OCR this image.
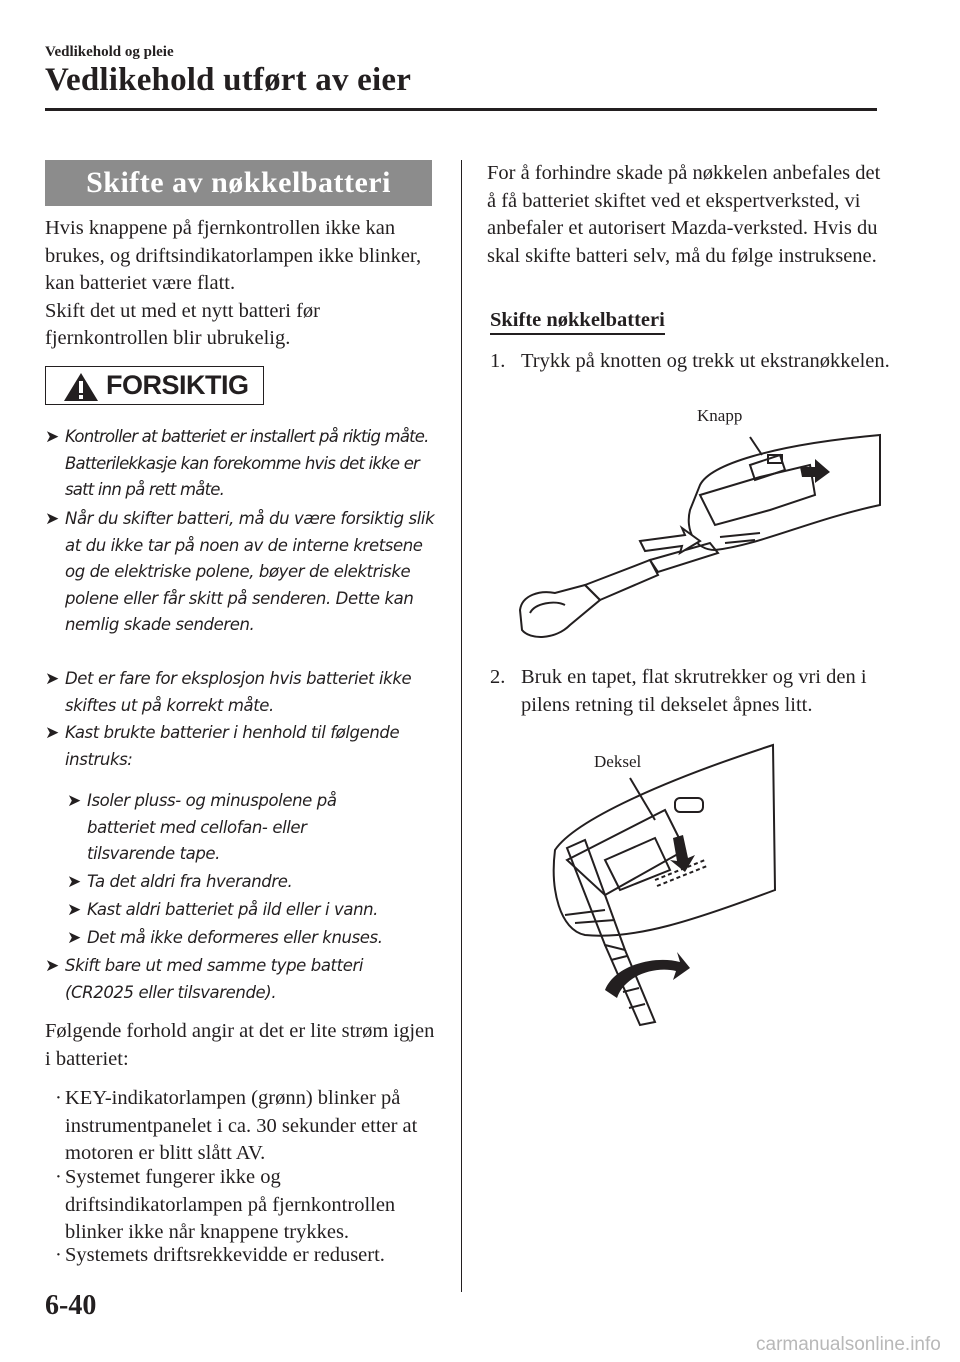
Vedlikehold og pleie
Vedlikehold utført av eier
Skifte av nøkkelbatteri
Hvis knappene på fjernkontrollen ikke kan brukes, og driftsindikatorlampen ikke blinker, kan batteriet være flatt.
Skift det ut med et nytt batteri før fjernkontrollen blir ubrukelig.
FORSIKTIG
➤ Kontroller at batteriet er installert på riktig måte. Batterilekkasje kan forekomme hvis det ikke er satt inn på rett måte.
➤ Når du skifter batteri, må du være forsiktig slik at du ikke tar på noen av de interne kretsene og de elektriske polene, bøyer de elektriske polene eller får skitt på senderen. Dette kan nemlig skade senderen.
➤ Det er fare for eksplosjon hvis batteriet ikke skiftes ut på korrekt måte.
➤ Kast brukte batterier i henhold til følgende instruks:
➤ Isoler pluss- og minuspolene på batteriet med cellofan- eller tilsvarende tape.
➤ Ta det aldri fra hverandre.
➤ Kast aldri batteriet på ild eller i vann.
➤ Det må ikke deformeres eller knuses.
➤ Skift bare ut med samme type batteri (CR2025 eller tilsvarende).
Følgende forhold angir at det er lite strøm igjen i batteriet:
· KEY-indikatorlampen (grønn) blinker på instrumentpanelet i ca. 30 sekunder etter at motoren er blitt slått AV.
· Systemet fungerer ikke og driftsindikatorlampen på fjernkontrollen blinker ikke når knappene trykkes.
· Systemets driftsrekkevidde er redusert.
For å forhindre skade på nøkkelen anbefales det å få batteriet skiftet ved et ekspertverksted, vi anbefaler et autorisert Mazda-verksted. Hvis du skal skifte batteri selv, må du følge instruksene.
Skifte nøkkelbatteri
1. Trykk på knotten og trekk ut ekstranøkkelen.
Knapp
2. Bruk en tapet, flat skrutrekker og vri den i pilens retning til dekselet åpnes litt.
Deksel
6-40
carmanualsonline.info
